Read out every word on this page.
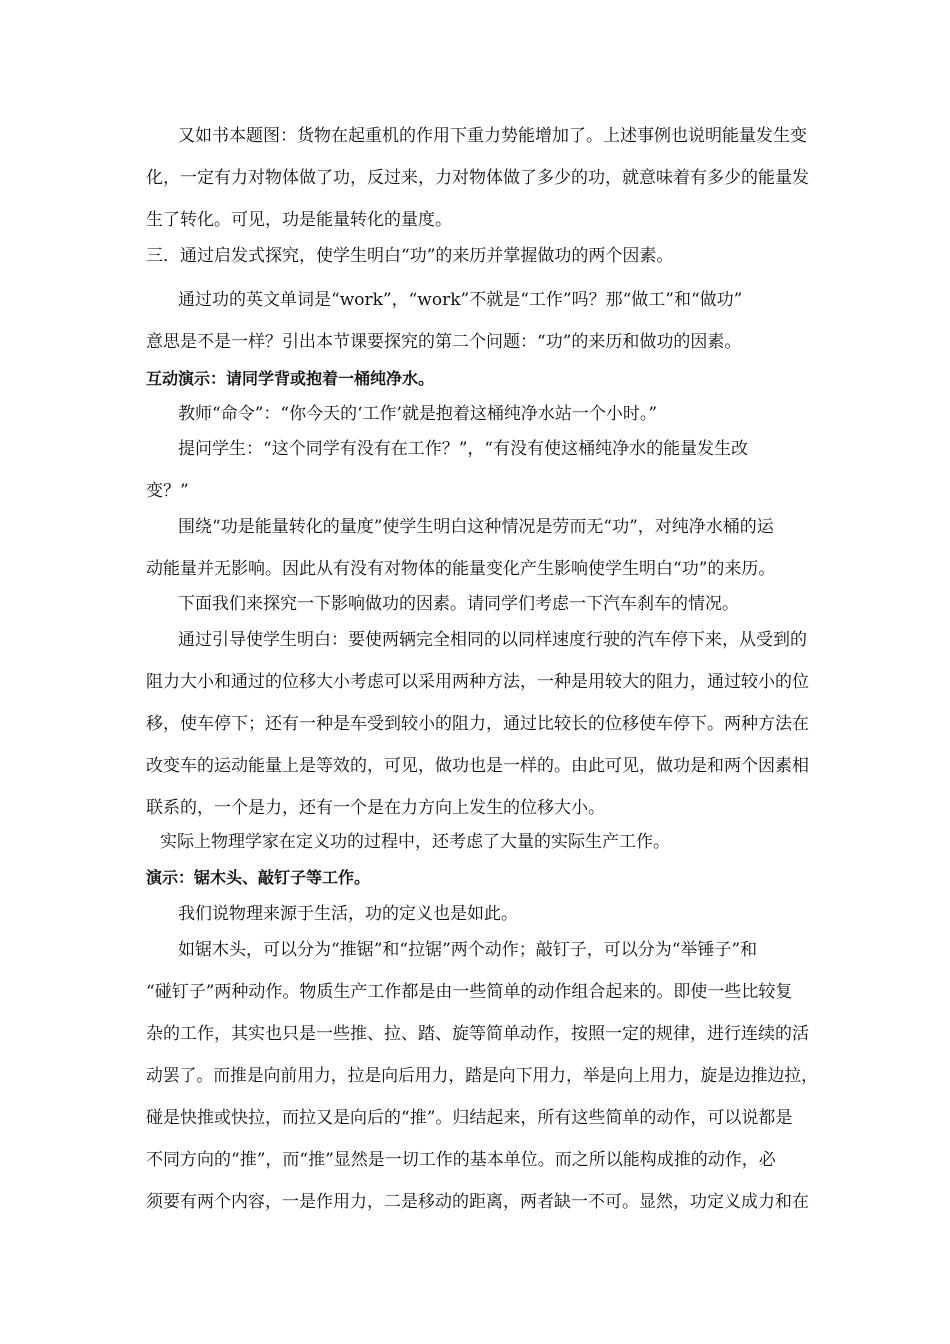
又如书本题图：货物在起重机的作用下重力势能增加了。上述事例也说明能量发生变
化，一定有力对物体做了功，反过来，力对物体做了多少的功，就意味着有多少的能量发
生了转化。可见，功是能量转化的量度。
三．通过启发式探究，使学生明白“功”的来历并掌握做功的两个因素。
通过功的英文单词是“work”，“work”不就是“工作”吗？那“做工”和“做功”
意思是不是一样？引出本节课要探究的第二个问题：“功”的来历和做功的因素。
互动演示：请同学背或抱着一桶纯净水。
教师“命令”：“你今天的‘工作’就是抱着这桶纯净水站一个小时。”
提问学生：“这个同学有没有在工作？”，“有没有使这桶纯净水的能量发生改
变？”
围绕“功是能量转化的量度”使学生明白这种情况是劳而无“功”，对纯净水桶的运
动能量并无影响。因此从有没有对物体的能量变化产生影响使学生明白“功”的来历。
下面我们来探究一下影响做功的因素。请同学们考虑一下汽车刹车的情况。
通过引导使学生明白：要使两辆完全相同的以同样速度行驶的汽车停下来，从受到的
阻力大小和通过的位移大小考虑可以采用两种方法，一种是用较大的阻力，通过较小的位
移，使车停下；还有一种是车受到较小的阻力，通过比较长的位移使车停下。两种方法在
改变车的运动能量上是等效的，可见，做功也是一样的。由此可见，做功是和两个因素相
联系的，一个是力，还有一个是在力方向上发生的位移大小。
实际上物理学家在定义功的过程中，还考虑了大量的实际生产工作。
演示：锯木头、敲钉子等工作。
我们说物理来源于生活，功的定义也是如此。
如锯木头，可以分为“推锯”和“拉锯”两个动作；敲钉子，可以分为“举锤子”和
“碰钉子”两种动作。物质生产工作都是由一些简单的动作组合起来的。即使一些比较复
杂的工作，其实也只是一些推、拉、踏、旋等简单动作，按照一定的规律，进行连续的活
动罢了。而推是向前用力，拉是向后用力，踏是向下用力，举是向上用力，旋是边推边拉，
碰是快推或快拉，而拉又是向后的“推”。归结起来，所有这些简单的动作，可以说都是
不同方向的“推”，而“推”显然是一切工作的基本单位。而之所以能构成推的动作，必
须要有两个内容，一是作用力，二是移动的距离，两者缺一不可。显然，功定义成力和在
